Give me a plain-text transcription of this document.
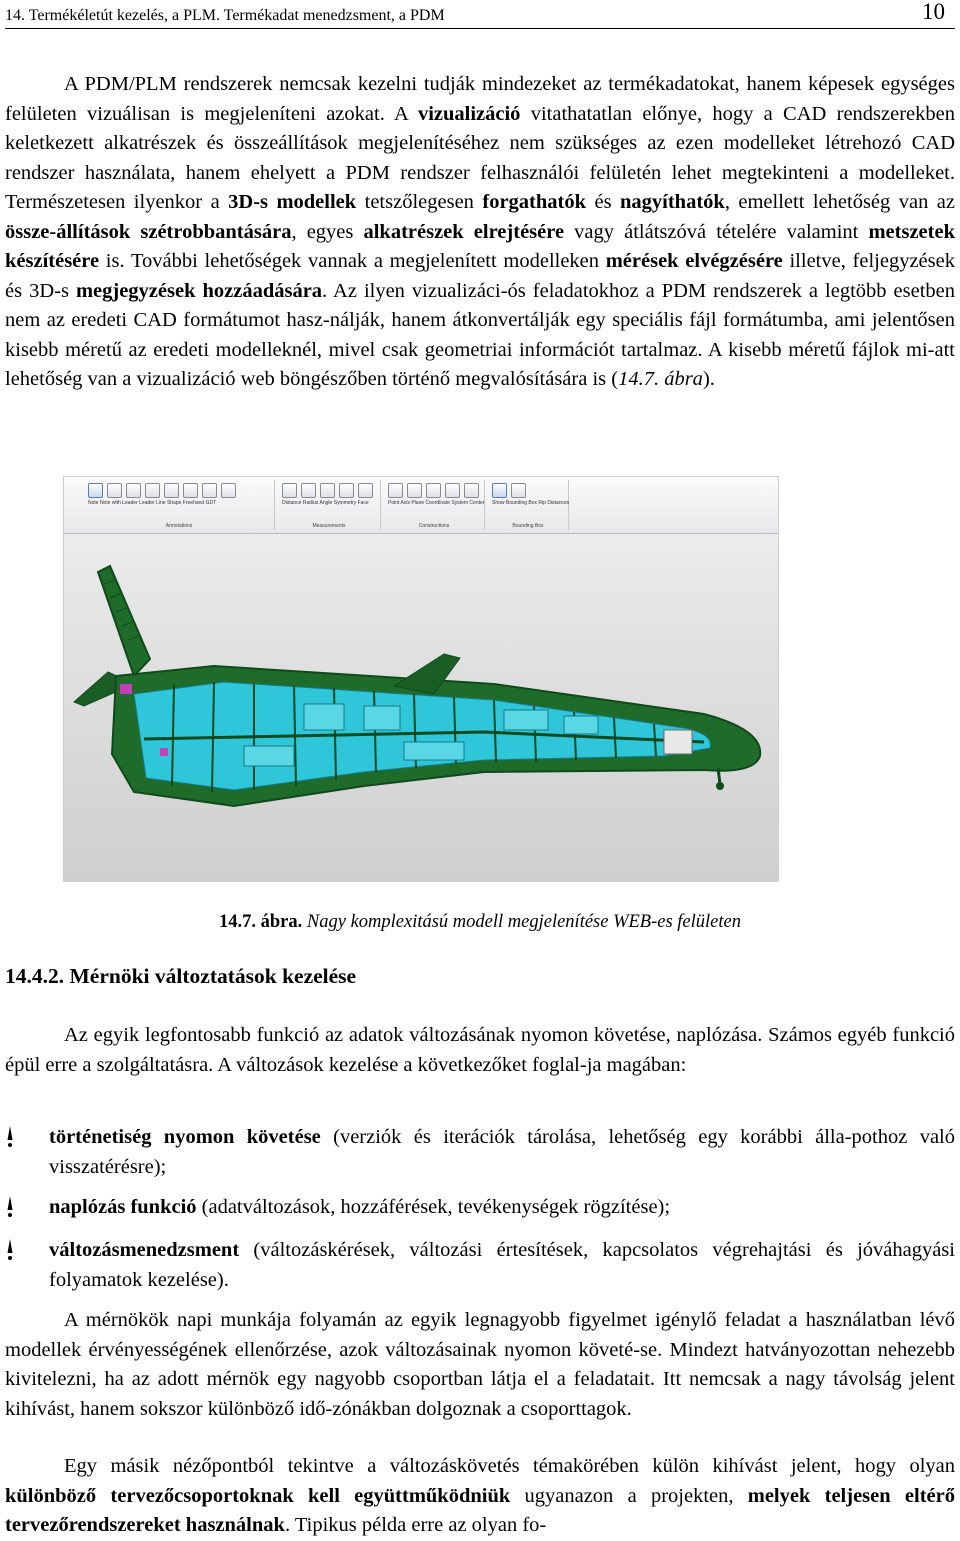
14. Termékéletút kezelés, a PLM. Termékadat menedzsment, a PDM	10

A PDM/PLM rendszerek nemcsak kezelni tudják mindezeket az termékadatokat, hanem képesek egységes felületen vizuálisan is megjeleníteni azokat. A vizualizáció vitathatatlan előnye, hogy a CAD rendszerekben keletkezett alkatrészek és összeállítások megjelenítéséhez nem szükséges az ezen modelleket létrehozó CAD rendszer használata, hanem ehelyett a PDM rendszer felhasználói felületén lehet megtekinteni a modelleket. Természetesen ilyenkor a 3D-s modellek tetszőlegesen forgathatók és nagyíthatók, emellett lehetőség van az össze-állítások szétrobbantására, egyes alkatrészek elrejtésére vagy átlátszóvá tételére valamint metszetek készítésére is. További lehetőségek vannak a megjelenített modelleken mérések elvégzésére illetve, feljegyzések és 3D-s megjegyzések hozzáadására. Az ilyen vizualizáci-ós feladatokhoz a PDM rendszerek a legtöbb esetben nem az eredeti CAD formátumot hasz-nálják, hanem átkonvertálják egy speciális fájl formátumba, ami jelentősen kisebb méretű az eredeti modelleknél, mivel csak geometriai információt tartalmaz. A kisebb méretű fájlok mi-att lehetőség van a vizualizáció web böngészőben történő megvalósítására is (14.7. ábra).

Note Note with Leader Leader Line Shape Freehand GDT
Annotations
Distance Radius Angle Symmetry Face
Measurements
Point Axis Plane Coordinate System Center
Constructions
Show Bounding Box Rip Distances
Bounding Box
14.7. ábra. Nagy komplexitású modell megjelenítése WEB-es felületen
14.4.2. Mérnöki változtatások kezelése

Az egyik legfontosabb funkció az adatok változásának nyomon követése, naplózása. Számos egyéb funkció épül erre a szolgáltatásra. A változások kezelése a következőket foglal-ja magában:

történetiség nyomon követése (verziók és iterációk tárolása, lehetőség egy korábbi álla-pothoz való visszatérésre);
naplózás funkció (adatváltozások, hozzáférések, tevékenységek rögzítése);
változásmenedzsment (változáskérések, változási értesítések, kapcsolatos végrehajtási és jóváhagyási folyamatok kezelése).

A mérnökök napi munkája folyamán az egyik legnagyobb figyelmet igénylő feladat a használatban lévő modellek érvényességének ellenőrzése, azok változásainak nyomon követé-se. Mindezt hatványozottan nehezebb kivitelezni, ha az adott mérnök egy nagyobb csoportban látja el a feladatait. Itt nemcsak a nagy távolság jelent kihívást, hanem sokszor különböző idő-zónákban dolgoznak a csoporttagok.

Egy másik nézőpontból tekintve a változáskövetés témakörében külön kihívást jelent, hogy olyan különböző tervezőcsoportoknak kell együttműködniük ugyanazon a projekten, melyek teljesen eltérő tervezőrendszereket használnak. Tipikus példa erre az olyan fo-
